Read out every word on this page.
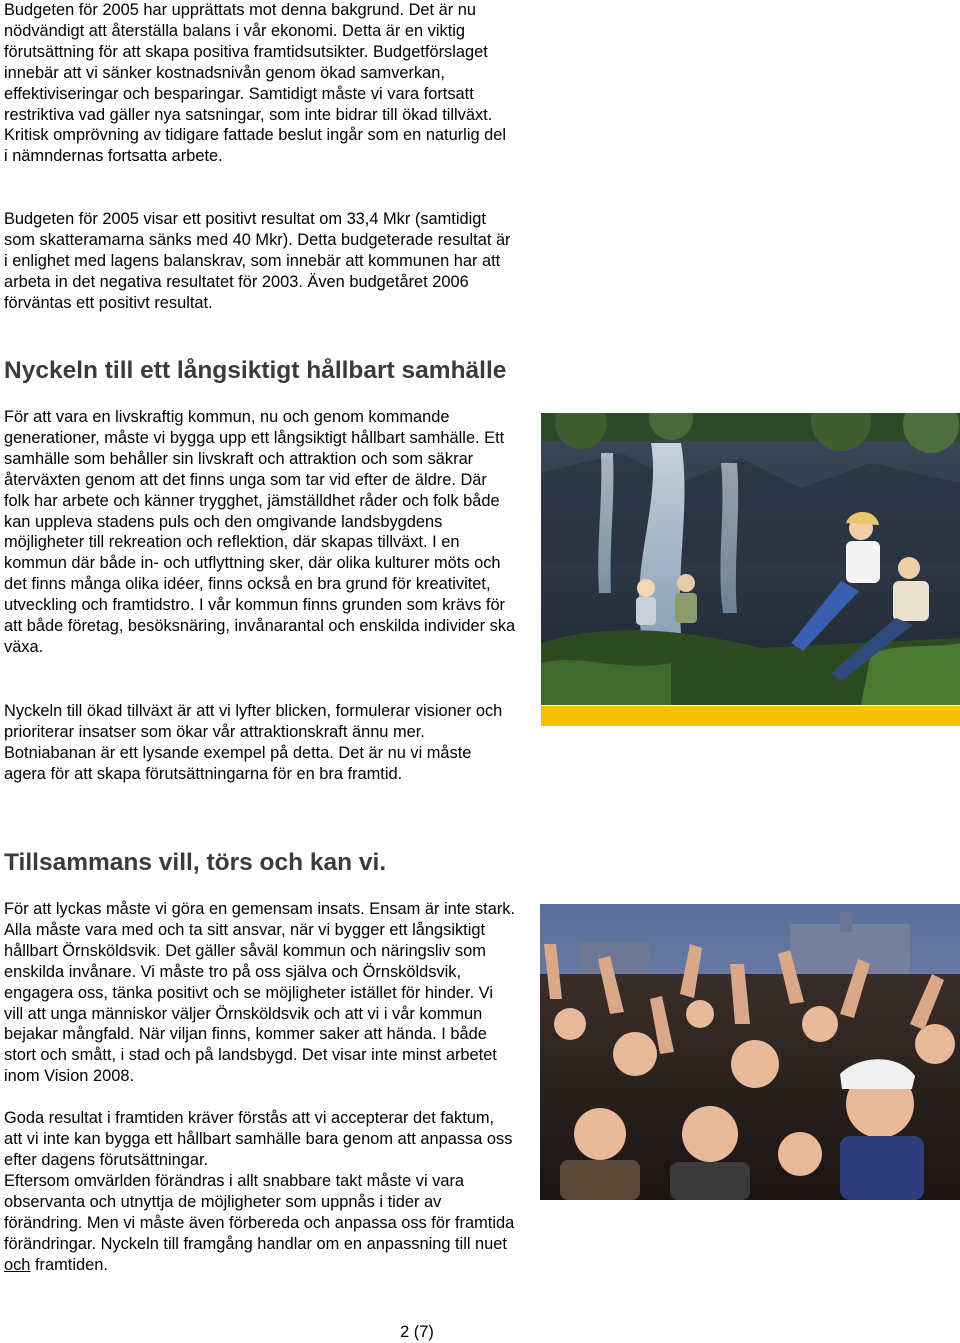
Budgeten för 2005 har upprättats mot denna bakgrund. Det är nu nödvändigt att återställa balans i vår ekonomi. Detta är en viktig förutsättning för att skapa positiva framtidsutsikter. Budgetförslaget innebär att vi sänker kostnadsnivån genom ökad samverkan, effektiviseringar och besparingar. Samtidigt måste vi vara fortsatt restriktiva vad gäller nya satsningar, som inte bidrar till ökad tillväxt. Kritisk omprövning av tidigare fattade beslut ingår som en naturlig del i nämndernas fortsatta arbete.

Budgeten för 2005 visar ett positivt resultat om 33,4 Mkr (samtidigt som skatteramarna sänks med 40 Mkr). Detta budgeterade resultat är i enlighet med lagens balanskrav, som innebär att kommunen har att arbeta in det negativa resultatet för 2003. Även budgetåret 2006 förväntas ett positivt resultat.

Nyckeln till ett långsiktigt hållbart samhälle

För att vara en livskraftig kommun, nu och genom kommande generationer, måste vi bygga upp ett långsiktigt hållbart samhälle. Ett samhälle som behåller sin livskraft och attraktion och som säkrar återväxten genom att det finns unga som tar vid efter de äldre. Där folk har arbete och känner trygghet, jämställdhet råder och folk både kan uppleva stadens puls och den omgivande landsbygdens möjligheter till rekreation och reflektion, där skapas tillväxt. I en kommun där både in- och utflyttning sker, där olika kulturer möts och det finns många olika idéer, finns också en bra grund för kreativitet, utveckling och framtidstro. I vår kommun finns grunden som krävs för att både företag, besöksnäring, invånarantal och enskilda individer ska växa.

Nyckeln till ökad tillväxt är att vi lyfter blicken, formulerar visioner och prioriterar insatser som ökar vår attraktionskraft ännu mer. Botniabanan är ett lysande exempel på detta. Det är nu vi måste agera för att skapa förutsättningarna för en bra framtid.

Tillsammans vill, törs och kan vi.

För att lyckas måste vi göra en gemensam insats. Ensam är inte stark. Alla måste vara med och ta sitt ansvar, när vi bygger ett långsiktigt hållbart Örnsköldsvik. Det gäller såväl kommun och näringsliv som enskilda invånare. Vi måste tro på oss själva och Örnsköldsvik, engagera oss, tänka positivt och se möjligheter istället för hinder. Vi vill att unga människor väljer Örnsköldsvik och att vi i vår kommun bejakar mångfald. När viljan finns, kommer saker att hända. I både stort och smått, i stad och på landsbygd. Det visar inte minst arbetet inom Vision 2008.

Goda resultat i framtiden kräver förstås att vi accepterar det faktum, att vi inte kan bygga ett hållbart samhälle bara genom att anpassa oss efter dagens förutsättningar.

Eftersom omvärlden förändras i allt snabbare takt måste vi vara observanta och utnyttja de möjligheter som uppnås i tider av förändring. Men vi måste även förbereda och anpassa oss för framtida förändringar. Nyckeln till framgång handlar om en anpassning till nuet och framtiden.

2 (7)
